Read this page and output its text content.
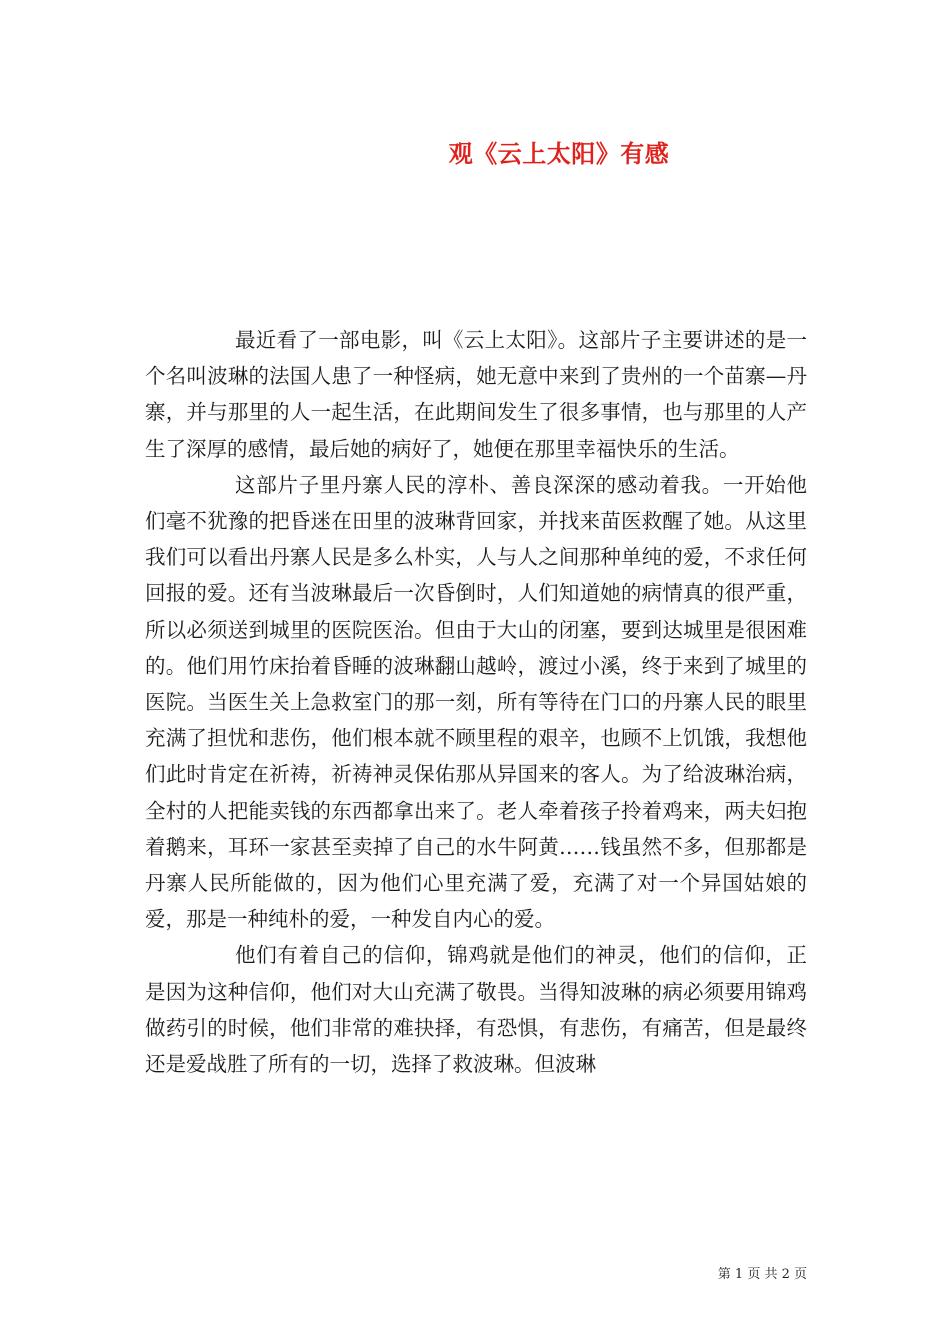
观《云上太阳》有感

最近看了一部电影，叫《云上太阳》。这部片子主要讲述的是一个名叫波琳的法国人患了一种怪病，她无意中来到了贵州的一个苗寨—丹寨，并与那里的人一起生活，在此期间发生了很多事情，也与那里的人产生了深厚的感情，最后她的病好了，她便在那里幸福快乐的生活。

这部片子里丹寨人民的淳朴、善良深深的感动着我。一开始他们毫不犹豫的把昏迷在田里的波琳背回家，并找来苗医救醒了她。从这里我们可以看出丹寨人民是多么朴实，人与人之间那种单纯的爱，不求任何回报的爱。还有当波琳最后一次昏倒时，人们知道她的病情真的很严重，所以必须送到城里的医院医治。但由于大山的闭塞，要到达城里是很困难的。他们用竹床抬着昏睡的波琳翻山越岭，渡过小溪，终于来到了城里的医院。当医生关上急救室门的那一刻，所有等待在门口的丹寨人民的眼里充满了担忧和悲伤，他们根本就不顾里程的艰辛，也顾不上饥饿，我想他们此时肯定在祈祷，祈祷神灵保佑那从异国来的客人。为了给波琳治病，全村的人把能卖钱的东西都拿出来了。老人牵着孩子拎着鸡来，两夫妇抱着鹅来，耳环一家甚至卖掉了自己的水牛阿黄……钱虽然不多，但那都是丹寨人民所能做的，因为他们心里充满了爱，充满了对一个异国姑娘的爱，那是一种纯朴的爱，一种发自内心的爱。

他们有着自己的信仰，锦鸡就是他们的神灵，他们的信仰，正是因为这种信仰，他们对大山充满了敬畏。当得知波琳的病必须要用锦鸡做药引的时候，他们非常的难抉择，有恐惧，有悲伤，有痛苦，但是最终还是爱战胜了所有的一切，选择了救波琳。但波琳

第 1 页 共 2 页
